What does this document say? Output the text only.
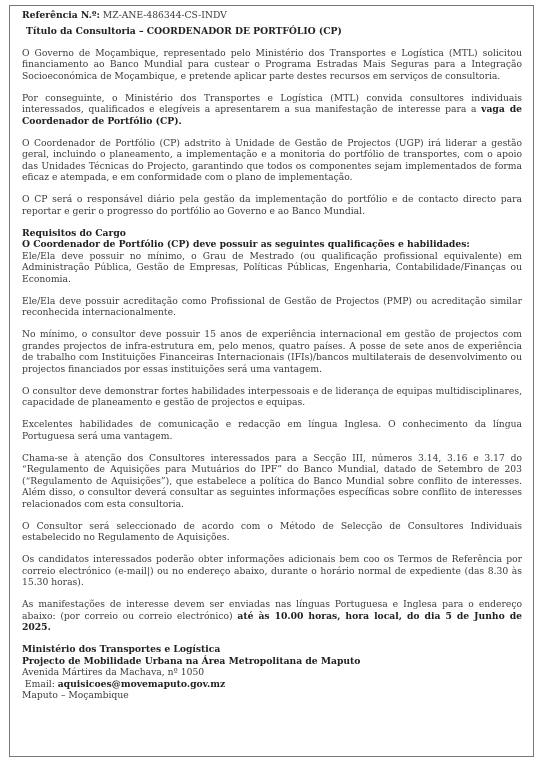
Referência N.º: MZ-ANE-486344-CS-INDV

Título da Consultoria – COORDENADOR DE PORTFÓLIO (CP)

O Governo de Moçambique, representado pelo Ministério dos Transportes e Logística (MTL) solicitou financiamento ao Banco Mundial para custear o Programa Estradas Mais Seguras para a Integração Socioeconómica de Moçambique, e pretende aplicar parte destes recursos em serviços de consultoria.

Por conseguinte, o Ministério dos Transportes e Logística (MTL) convida consultores individuais interessados, qualificados e elegíveis a apresentarem a sua manifestação de interesse para a vaga de Coordenador de Portfólio (CP).

O Coordenador de Portfólio (CP) adstrito à Unidade de Gestão de Projectos (UGP) irá liderar a gestão geral, incluindo o planeamento, a implementação e a monitoria do portfólio de transportes, com o apoio das Unidades Técnicas do Projecto, garantindo que todos os componentes sejam implementados de forma eficaz e atempada, e em conformidade com o plano de implementação.

O CP será o responsável diário pela gestão da implementação do portfólio e de contacto directo para reportar e gerir o progresso do portfólio ao Governo e ao Banco Mundial.

Requisitos do Cargo

O Coordenador de Portfólio (CP) deve possuir as seguintes qualificações e habilidades:

Ele/Ela deve possuir no mínimo, o Grau de Mestrado (ou qualificação profissional equivalente) em Administração Pública, Gestão de Empresas, Políticas Públicas, Engenharia, Contabilidade/Finanças ou Economia.

Ele/Ela deve possuir acreditação como Profissional de Gestão de Projectos (PMP) ou acreditação similar reconhecida internacionalmente.

No mínimo, o consultor deve possuir 15 anos de experiência internacional em gestão de projectos com grandes projectos de infra-estrutura em, pelo menos, quatro países. A posse de sete anos de experiência de trabalho com Instituições Financeiras Internacionais (IFIs)/bancos multilaterais de desenvolvimento ou projectos financiados por essas instituições será uma vantagem.

O consultor deve demonstrar fortes habilidades interpessoais e de liderança de equipas multidisciplinares, capacidade de planeamento e gestão de projectos e equipas.

Excelentes habilidades de comunicação e redacção em língua Inglesa. O conhecimento da língua Portuguesa será uma vantagem.

Chama-se à atenção dos Consultores interessados para a Secção III, números 3.14, 3.16 e 3.17 do “Regulamento de Aquisições para Mutuários do IPF” do Banco Mundial, datado de Setembro de 203 (“Regulamento de Aquisições”), que estabelece a política do Banco Mundial sobre conflito de interesses. Além disso, o consultor deverá consultar as seguintes informações específicas sobre conflito de interesses relacionados com esta consultoria.

O Consultor será seleccionado de acordo com o Método de Selecção de Consultores Individuais estabelecido no Regulamento de Aquisições.

Os candidatos interessados poderão obter informações adicionais bem coo os Termos de Referência por correio electrónico (e-mail|) ou no endereço abaixo, durante o horário normal de expediente (das 8.30 às 15.30 horas).

As manifestações de interesse devem ser enviadas nas línguas Portuguesa e Inglesa para o endereço abaixo: (por correio ou correio electrónico) até às 10.00 horas, hora local, do dia 5 de Junho de 2025.

Ministério dos Transportes e Logística

Projecto de Mobilidade Urbana na Área Metropolitana de Maputo

Avenida Mártires da Machava, nº 1050

Email: aquisicoes@movemaputo.gov.mz

Maputo – Moçambique
